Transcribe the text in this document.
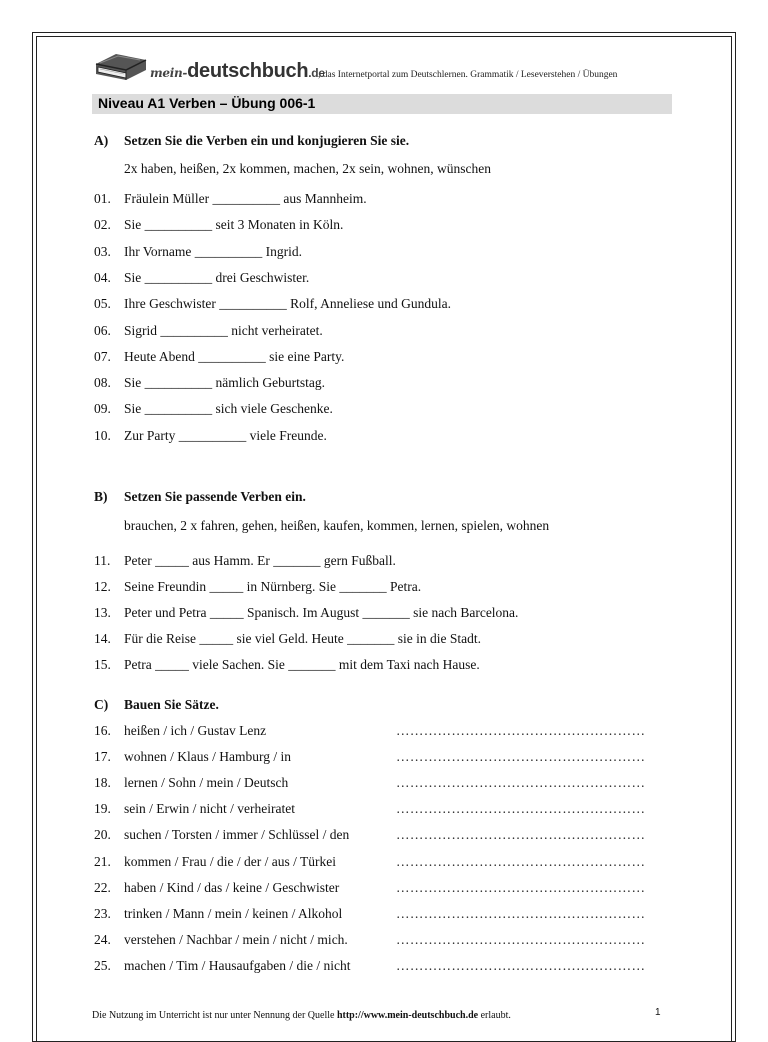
mein-deutschbuch.de
, das Internetportal zum Deutschlernen. Grammatik / Leseverstehen / Übungen
Niveau A1 Verben – Übung 006-1
A) Setzen Sie die Verben ein und konjugieren Sie sie.
2x haben, heißen, 2x kommen, machen, 2x sein, wohnen, wünschen
01. Fräulein Müller __________ aus Mannheim.
02. Sie __________ seit 3 Monaten in Köln.
03. Ihr Vorname __________ Ingrid.
04. Sie __________ drei Geschwister.
05. Ihre Geschwister __________ Rolf, Anneliese und Gundula.
06. Sigrid __________ nicht verheiratet.
07. Heute Abend __________ sie eine Party.
08. Sie __________ nämlich Geburtstag.
09. Sie __________ sich viele Geschenke.
10. Zur Party __________ viele Freunde.
B) Setzen Sie passende Verben ein.
brauchen, 2 x fahren, gehen, heißen, kaufen, kommen, lernen, spielen, wohnen
11. Peter _____ aus Hamm. Er _______ gern Fußball.
12. Seine Freundin _____ in Nürnberg. Sie _______ Petra.
13. Peter und Petra _____ Spanisch. Im August _______ sie nach Barcelona.
14. Für die Reise _____ sie viel Geld. Heute _______ sie in die Stadt.
15. Petra _____ viele Sachen. Sie _______ mit dem Taxi nach Hause.
C) Bauen Sie Sätze.
16. heißen / ich / Gustav Lenz	………………………………………………
17. wohnen / Klaus / Hamburg / in	………………………………………………
18. lernen / Sohn / mein / Deutsch	………………………………………………
19. sein / Erwin / nicht / verheiratet	………………………………………………
20. suchen / Torsten / immer / Schlüssel / den	………………………………………………
21. kommen / Frau / die / der / aus / Türkei	………………………………………………
22. haben / Kind / das / keine / Geschwister	………………………………………………
23. trinken / Mann / mein / keinen / Alkohol	………………………………………………
24. verstehen / Nachbar / mein / nicht / mich.	………………………………………………
25. machen / Tim / Hausaufgaben / die / nicht	………………………………………………
Die Nutzung im Unterricht ist nur unter Nennung der Quelle http://www.mein-deutschbuch.de erlaubt.	1
